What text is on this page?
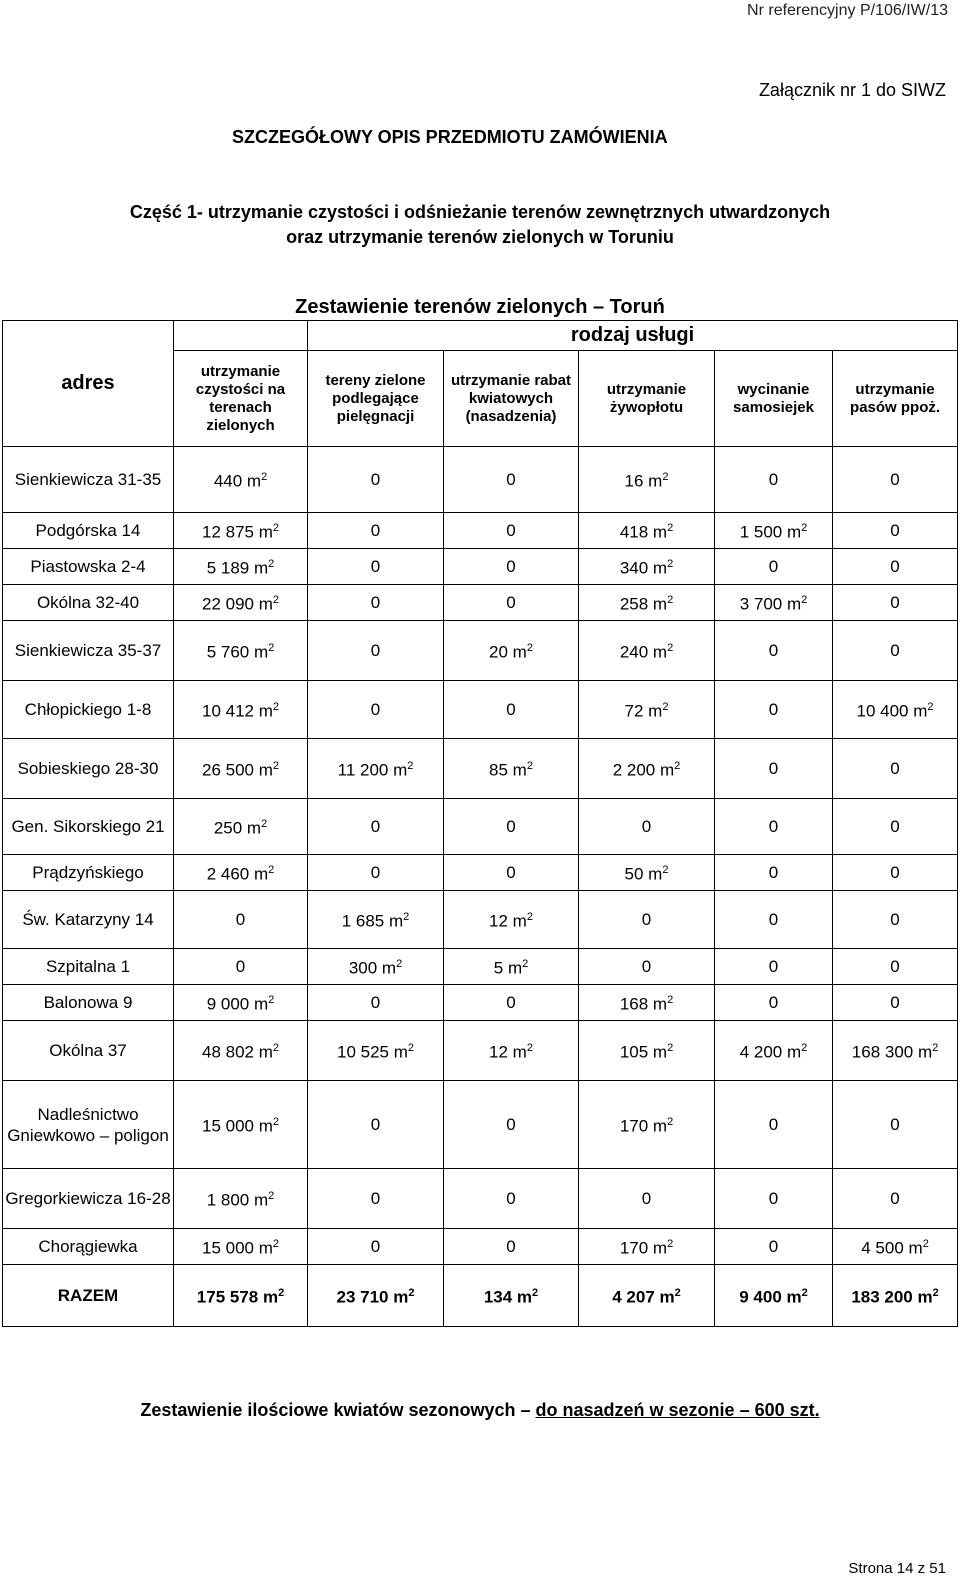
Nr referencyjny P/106/IW/13
Załącznik nr 1 do SIWZ
SZCZEGÓŁOWY OPIS PRZEDMIOTU ZAMÓWIENIA
Część 1- utrzymanie czystości i odśnieżanie terenów zewnętrznych utwardzonych
oraz utrzymanie terenów zielonych w Toruniu
Zestawienie terenów zielonych – Toruń
adres		rodzaj usługi				
	utrzymanie czystości na terenach zielonych	tereny zielone podlegające pielęgnacji	utrzymanie rabat kwiatowych (nasadzenia)	utrzymanie żywopłotu	wycinanie samosiejek	utrzymanie pasów ppoż.
Sienkiewicza 31-35	440 $m^2$	0	0	16 $m^2$	0	0
Podgórska 14	12 875 $m^2$	0	0	418 $m^2$	1 500 $m^2$	0
Piastowska 2-4	5 189 $m^2$	0	0	340 $m^2$	0	0
Okólna 32-40	22 090 $m^2$	0	0	258 $m^2$	3 700 $m^2$	0
Sienkiewicza 35-37	5 760 $m^2$	0	20 $m^2$	240 $m^2$	0	0
Chłopickiego 1-8	10 412 $m^2$	0	0	72 $m^2$	0	10 400 $m^2$
Sobieskiego 28-30	26 500 $m^2$	11 200 $m^2$	85 $m^2$	2 200 $m^2$	0	0
Gen. Sikorskiego 21	250 $m^2$	0	0	0	0	0
Prądzyńskiego	2 460 $m^2$	0	0	50 $m^2$	0	0
Św. Katarzyny 14	0	1 685 $m^2$	12 $m^2$	0	0	0
Szpitalna 1	0	300 $m^2$	5 $m^2$	0	0	0
Balonowa 9	9 000 $m^2$	0	0	168 $m^2$	0	0
Okólna 37	48 802 $m^2$	10 525 $m^2$	12 $m^2$	105 $m^2$	4 200 $m^2$	168 300 $m^2$
Nadleśnictwo Gniewkowo – poligon	15 000 $m^2$	0	0	170 $m^2$	0	0
Gregorkiewicza 16-28	1 800 $m^2$	0	0	0	0	0
Chorągiewka	15 000 $m^2$	0	0	170 $m^2$	0	4 500 $m^2$
RAZEM	175 578 $m^2$	23 710 $m^2$	134 $m^2$	4 207 $m^2$	9 400 $m^2$	183 200 $m^2$
Zestawienie ilościowe kwiatów sezonowych – do nasadzeń w sezonie – 600 szt.
Strona 14 z 51
